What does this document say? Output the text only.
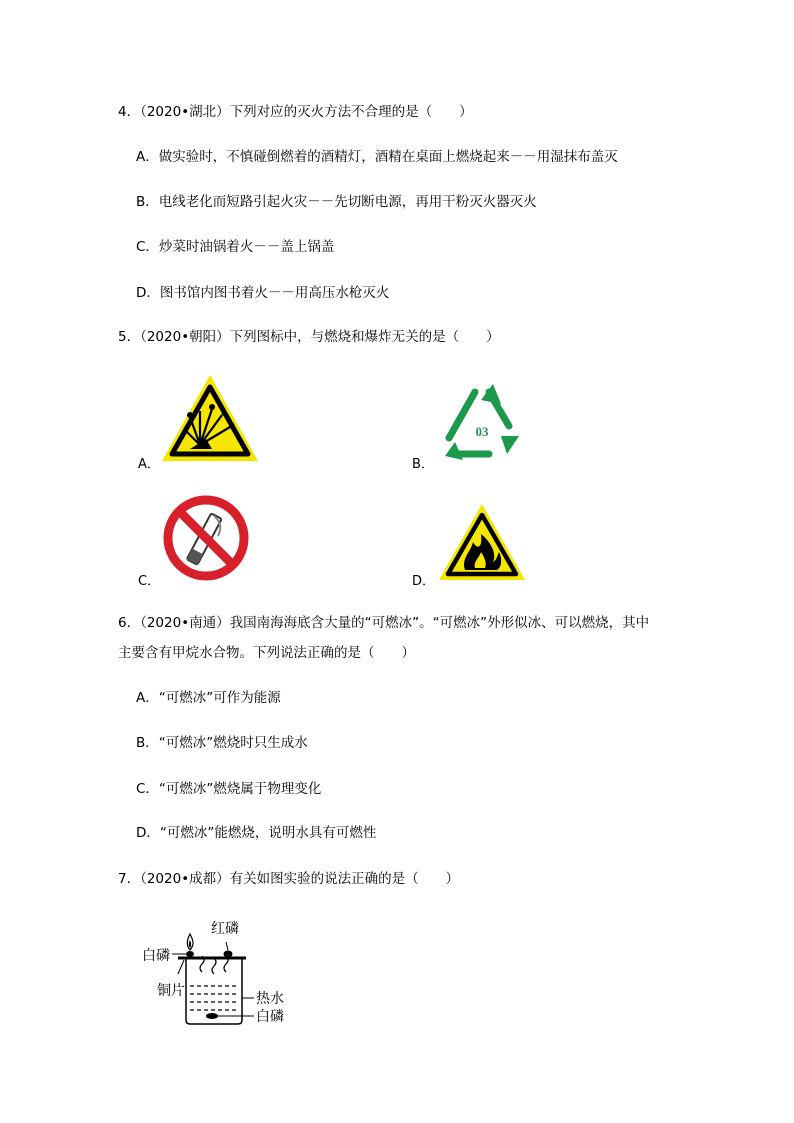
4．（2020•湖北）下列对应的灭火方法不合理的是（　　）
A．做实验时，不慎碰倒燃着的酒精灯，酒精在桌面上燃烧起来－－用湿抹布盖灭
B．电线老化而短路引起火灾－－先切断电源，再用干粉灭火器灭火
C．炒菜时油锅着火－－盖上锅盖
D．图书馆内图书着火－－用高压水枪灭火
5．（2020•朝阳）下列图标中，与燃烧和爆炸无关的是（　　）
A．	B．
03
C．	D．
6．（2020•南通）我国南海海底含大量的“可燃冰”。“可燃冰”外形似冰、可以燃烧，其中
主要含有甲烷水合物。下列说法正确的是（　　）
A．“可燃冰”可作为能源
B．“可燃冰”燃烧时只生成水
C．“可燃冰”燃烧属于物理变化
D．“可燃冰”能燃烧，说明水具有可燃性
7．（2020•成都）有关如图实验的说法正确的是（　　）
红磷
白磷
铜片	热水
白磷
